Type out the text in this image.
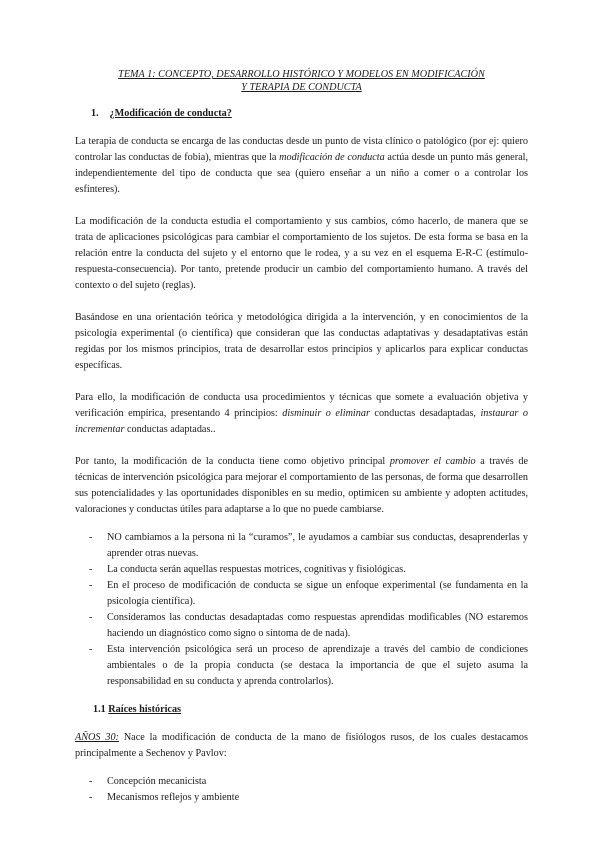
TEMA 1: CONCEPTO, DESARROLLO HISTÓRICO Y MODELOS EN MODIFICACIÓN

Y TERAPIA DE CONDUCTA

1. ¿Modificación de conducta?

La terapia de conducta se encarga de las conductas desde un punto de vista clínico o patológico (por ej: quiero controlar las conductas de fobia), mientras que la modificación de conducta actúa desde un punto más general, independientemente del tipo de conducta que sea (quiero enseñar a un niño a comer o a controlar los esfínteres).

La modificación de la conducta estudia el comportamiento y sus cambios, cómo hacerlo, de manera que se trata de aplicaciones psicológicas para cambiar el comportamiento de los sujetos. De esta forma se basa en la relación entre la conducta del sujeto y el entorno que le rodea, y a su vez en el esquema E-R-C (estímulo-respuesta-consecuencia). Por tanto, pretende producir un cambio del comportamiento humano. A través del contexto o del sujeto (reglas).

Basándose en una orientación teórica y metodológica dirigida a la intervención, y en conocimientos de la psicología experimental (o científica) que consideran que las conductas adaptativas y desadaptativas están regidas por los mismos principios, trata de desarrollar estos principios y aplicarlos para explicar conductas específicas.

Para ello, la modificación de conducta usa procedimientos y técnicas que somete a evaluación objetiva y verificación empírica, presentando 4 principios: disminuir o eliminar conductas desadaptadas, instaurar o incrementar conductas adaptadas..

Por tanto, la modificación de la conducta tiene como objetivo principal promover el cambio a través de técnicas de intervención psicológica para mejorar el comportamiento de las personas, de forma que desarrollen sus potencialidades y las oportunidades disponibles en su medio, optimicen su ambiente y adopten actitudes, valoraciones y conductas útiles para adaptarse a lo que no puede cambiarse.

- NO cambiamos a la persona ni la “curamos”, le ayudamos a cambiar sus conductas, desaprenderlas y aprender otras nuevas.
- La conducta serán aquellas respuestas motrices, cognitivas y fisiológicas.
- En el proceso de modificación de conducta se sigue un enfoque experimental (se fundamenta en la psicología científica).
- Consideramos las conductas desadaptadas como respuestas aprendidas modificables (NO estaremos haciendo un diagnóstico como signo o síntoma de de nada).
- Esta intervención psicológica será un proceso de aprendizaje a través del cambio de condiciones ambientales o de la propia conducta (se destaca la importancia de que el sujeto asuma la responsabilidad en su conducta y aprenda controlarlos).

1.1 Raíces históricas

AÑOS 30: Nace la modificación de conducta de la mano de fisiólogos rusos, de los cuales destacamos principalmente a Sechenov y Pavlov:

- Concepción mecanicista
- Mecanismos reflejos y ambiente
